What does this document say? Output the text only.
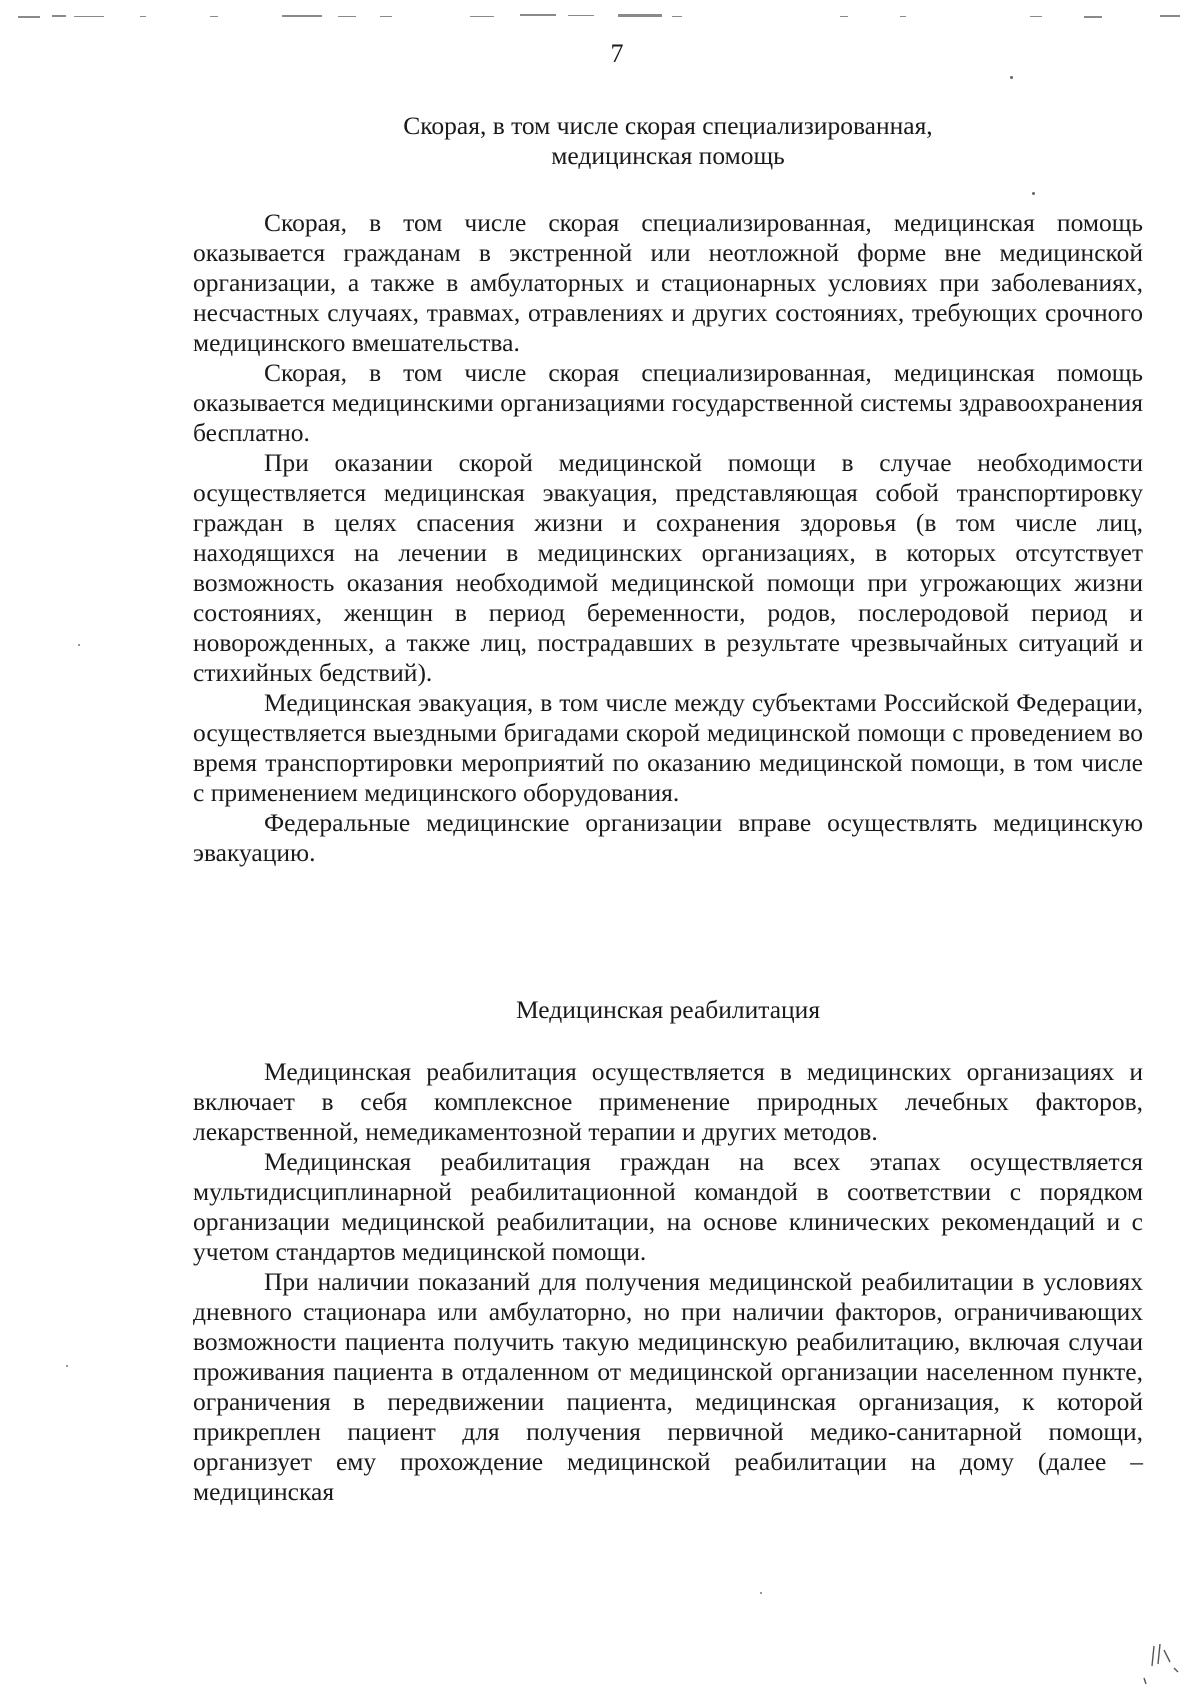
7
Скорая, в том числе скорая специализированная,
медицинская помощь

Скорая, в том числе скорая специализированная, медицинская помощь оказывается гражданам в экстренной или неотложной форме вне медицинской организации, а также в амбулаторных и стационарных условиях при заболеваниях, несчастных случаях, травмах, отравлениях и других состояниях, требующих срочного медицинского вмешательства.

Скорая, в том числе скорая специализированная, медицинская помощь оказывается медицинскими организациями государственной системы здравоохранения бесплатно.

При оказании скорой медицинской помощи в случае необходимости осуществляется медицинская эвакуация, представляющая собой транспортировку граждан в целях спасения жизни и сохранения здоровья (в том числе лиц, находящихся на лечении в медицинских организациях, в которых отсутствует возможность оказания необходимой медицинской помощи при угрожающих жизни состояниях, женщин в период беременности, родов, послеродовой период и новорожденных, а также лиц, пострадавших в результате чрезвычайных ситуаций и стихийных бедствий).

Медицинская эвакуация, в том числе между субъектами Российской Федерации, осуществляется выездными бригадами скорой медицинской помощи с проведением во время транспортировки мероприятий по оказанию медицинской помощи, в том числе с применением медицинского оборудования.

Федеральные медицинские организации вправе осуществлять медицинскую эвакуацию.

Медицинская реабилитация

Медицинская реабилитация осуществляется в медицинских организациях и включает в себя комплексное применение природных лечебных факторов, лекарственной, немедикаментозной терапии и других методов.

Медицинская реабилитация граждан на всех этапах осуществляется мультидисциплинарной реабилитационной командой в соответствии с порядком организации медицинской реабилитации, на основе клинических рекомендаций и с учетом стандартов медицинской помощи.

При наличии показаний для получения медицинской реабилитации в условиях дневного стационара или амбулаторно, но при наличии факторов, ограничивающих возможности пациента получить такую медицинскую реабилитацию, включая случаи проживания пациента в отдаленном от медицинской организации населенном пункте, ограничения в передвижении пациента, медицинская организация, к которой прикреплен пациент для получения первичной медико-санитарной помощи, организует ему прохождение медицинской реабилитации на дому (далее – медицинская
